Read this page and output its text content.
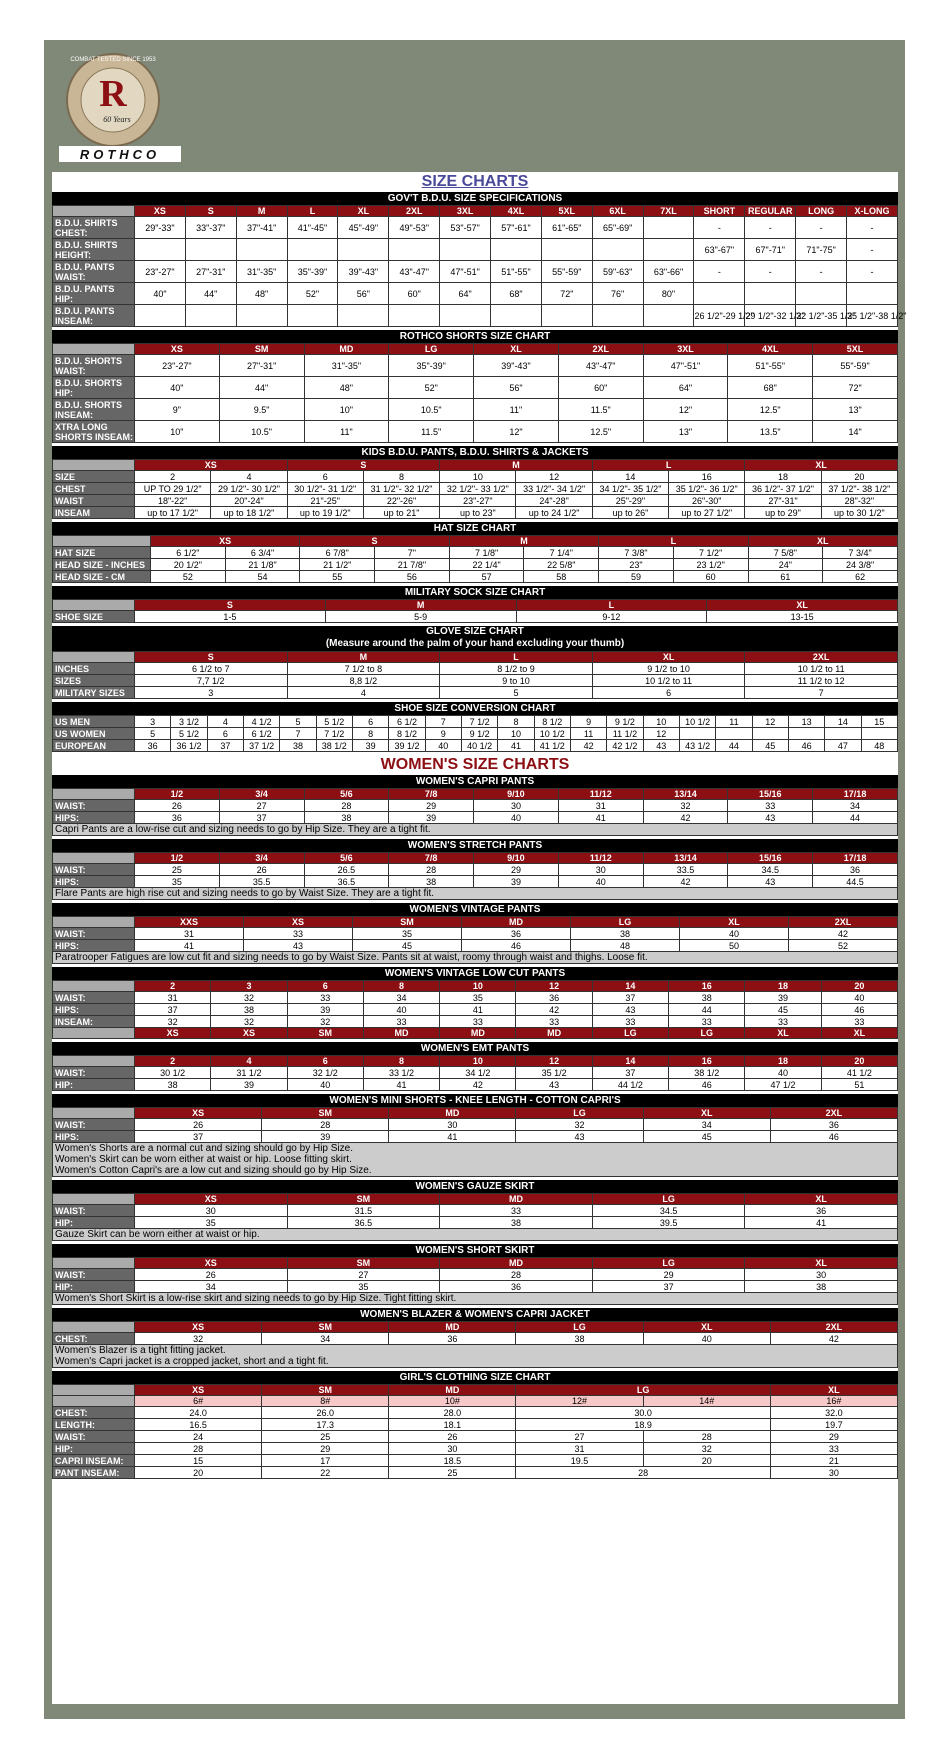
R
60 Years
COMBAT TESTED SINCE 1953
ROTHCO
SIZE CHARTS
GOV'T B.D.U. SIZE SPECIFICATIONS
	XS	S	M	L	XL	2XL	3XL	4XL	5XL	6XL	7XL	SHORT	REGULAR	LONG	X-LONG
B.D.U. SHIRTS CHEST:	29"-33"	33"-37"	37"-41"	41"-45"	45"-49"	49"-53"	53"-57"	57"-61"	61"-65"	65"-69"		-	-	-	-
B.D.U. SHIRTS HEIGHT:												63"-67"	67"-71"	71"-75"	-
B.D.U. PANTS WAIST:	23"-27"	27"-31"	31"-35"	35"-39"	39"-43"	43"-47"	47"-51"	51"-55"	55"-59"	59"-63"	63"-66"	-	-	-	-
B.D.U. PANTS HIP:	40"	44"	48"	52"	56"	60"	64"	68"	72"	76"	80"				
B.D.U. PANTS INSEAM:												26 1/2"-29 1/2"	29 1/2"-32 1/2"	32 1/2"-35 1/2"	35 1/2"-38 1/2"
ROTHCO SHORTS SIZE CHART
	XS	SM	MD	LG	XL	2XL	3XL	4XL	5XL
B.D.U. SHORTS WAIST:	23"-27"	27"-31"	31"-35"	35"-39"	39"-43"	43"-47"	47"-51"	51"-55"	55"-59"
B.D.U. SHORTS HIP:	40"	44"	48"	52"	56"	60"	64"	68"	72"
B.D.U. SHORTS INSEAM:	9"	9.5"	10"	10.5"	11"	11.5"	12"	12.5"	13"
XTRA LONG SHORTS INSEAM:	10"	10.5"	11"	11.5"	12"	12.5"	13"	13.5"	14"
KIDS B.D.U. PANTS, B.D.U. SHIRTS & JACKETS
	XS		S		M		L		XL	
SIZE	2	4	6	8	10	12	14	16	18	20
CHEST	UP TO 29 1/2"	29 1/2"- 30 1/2"	30 1/2"- 31 1/2"	31 1/2"- 32 1/2"	32 1/2"- 33 1/2"	33 1/2"- 34 1/2"	34 1/2"- 35 1/2"	35 1/2"- 36 1/2"	36 1/2"- 37 1/2"	37 1/2"- 38 1/2"
WAIST	18"-22"	20"-24"	21"-25"	22"-26"	23"-27"	24"-28"	25"-29"	26"-30"	27"-31"	28"-32"
INSEAM	up to 17 1/2"	up to 18 1/2"	up to 19 1/2"	up to 21"	up to 23"	up to 24 1/2"	up to 26"	up to 27 1/2"	up to 29"	up to 30 1/2"
HAT SIZE CHART
	XS		S		M		L		XL	
HAT SIZE	6 1/2"	6 3/4"	6 7/8"	7"	7 1/8"	7 1/4"	7 3/8"	7 1/2"	7 5/8"	7 3/4"
HEAD SIZE - INCHES	20 1/2"	21 1/8"	21 1/2"	21 7/8"	22 1/4"	22 5/8"	23"	23 1/2"	24"	24 3/8"
HEAD SIZE - CM	52	54	55	56	57	58	59	60	61	62
MILITARY SOCK SIZE CHART
	S	M	L	XL
SHOE SIZE	1-5	5-9	9-12	13-15
GLOVE SIZE CHART
(Measure around the palm of your hand excluding your thumb)
	S	M	L	XL	2XL
INCHES	6 1/2 to 7	7 1/2 to 8	8 1/2 to 9	9 1/2 to 10	10 1/2 to 11
SIZES	7,7 1/2	8,8 1/2	9 to 10	10 1/2 to 11	11 1/2 to 12
MILITARY SIZES	3	4	5	6	7
SHOE SIZE CONVERSION CHART
US MEN	3	3 1/2	4	4 1/2	5	5 1/2	6	6 1/2	7	7 1/2	8	8 1/2	9	9 1/2	10	10 1/2	11	12	13	14	15
US WOMEN	5	5 1/2	6	6 1/2	7	7 1/2	8	8 1/2	9	9 1/2	10	10 1/2	11	11 1/2	12						
EUROPEAN	36	36 1/2	37	37 1/2	38	38 1/2	39	39 1/2	40	40 1/2	41	41 1/2	42	42 1/2	43	43 1/2	44	45	46	47	48
WOMEN'S SIZE CHARTS
WOMEN'S CAPRI PANTS
	1/2	3/4	5/6	7/8	9/10	11/12	13/14	15/16	17/18
WAIST:	26	27	28	29	30	31	32	33	34
HIPS:	36	37	38	39	40	41	42	43	44
Capri Pants are a low-rise cut and sizing needs to go by Hip Size. They are a tight fit.
WOMEN'S STRETCH PANTS
	1/2	3/4	5/6	7/8	9/10	11/12	13/14	15/16	17/18
WAIST:	25	26	26.5	28	29	30	33.5	34.5	36
HIPS:	35	35.5	36.5	38	39	40	42	43	44.5
Flare Pants are high rise cut and sizing needs to go by Waist Size. They are a tight fit.
WOMEN'S VINTAGE PANTS
	XXS	XS	SM	MD	LG	XL	2XL
WAIST:	31	33	35	36	38	40	42
HIPS:	41	43	45	46	48	50	52
Paratrooper Fatigues are low cut fit and sizing needs to go by Waist Size. Pants sit at waist, roomy through waist and thighs. Loose fit.
WOMEN'S VINTAGE LOW CUT PANTS
	2	3	6	8	10	12	14	16	18	20
WAIST:	31	32	33	34	35	36	37	38	39	40
HIPS:	37	38	39	40	41	42	43	44	45	46
INSEAM:	32	32	32	33	33	33	33	33	33	33
	XS	XS	SM	MD	MD	MD	LG	LG	XL	XL
WOMEN'S EMT PANTS
	2	4	6	8	10	12	14	16	18	20
WAIST:	30 1/2	31 1/2	32 1/2	33 1/2	34 1/2	35 1/2	37	38 1/2	40	41 1/2
HIP:	38	39	40	41	42	43	44 1/2	46	47 1/2	51
WOMEN'S MINI SHORTS - KNEE LENGTH - COTTON CAPRI'S
	XS	SM	MD	LG	XL	2XL
WAIST:	26	28	30	32	34	36
HIPS:	37	39	41	43	45	46
Women's Shorts are a normal cut and sizing should go by Hip Size.
Women's Skirt can be worn either at waist or hip. Loose fitting skirt.
Women's Cotton Capri's are a low cut and sizing should go by Hip Size.
WOMEN'S GAUZE SKIRT
	XS	SM	MD	LG	XL
WAIST:	30	31.5	33	34.5	36
HIP:	35	36.5	38	39.5	41
Gauze Skirt can be worn either at waist or hip.
WOMEN'S SHORT SKIRT
	XS	SM	MD	LG	XL
WAIST:	26	27	28	29	30
HIP:	34	35	36	37	38
Women's Short Skirt is a low-rise skirt and sizing needs to go by Hip Size. Tight fitting skirt.
WOMEN'S BLAZER & WOMEN'S CAPRI JACKET
	XS	SM	MD	LG	XL	2XL
CHEST:	32	34	36	38	40	42
Women's Blazer is a tight fitting jacket.
Women's Capri jacket is a cropped jacket, short and a tight fit.
GIRL'S CLOTHING SIZE CHART
	XS	SM	MD	LG		XL
	6#	8#	10#	12#	14#	16#
CHEST:	24.0	26.0	28.0	30.0		32.0
LENGTH:	16.5	17.3	18.1	18.9		19.7
WAIST:	24	25	26	27	28	29
HIP:	28	29	30	31	32	33
CAPRI INSEAM:	15	17	18.5	19.5	20	21
PANT INSEAM:	20	22	25	28		30
